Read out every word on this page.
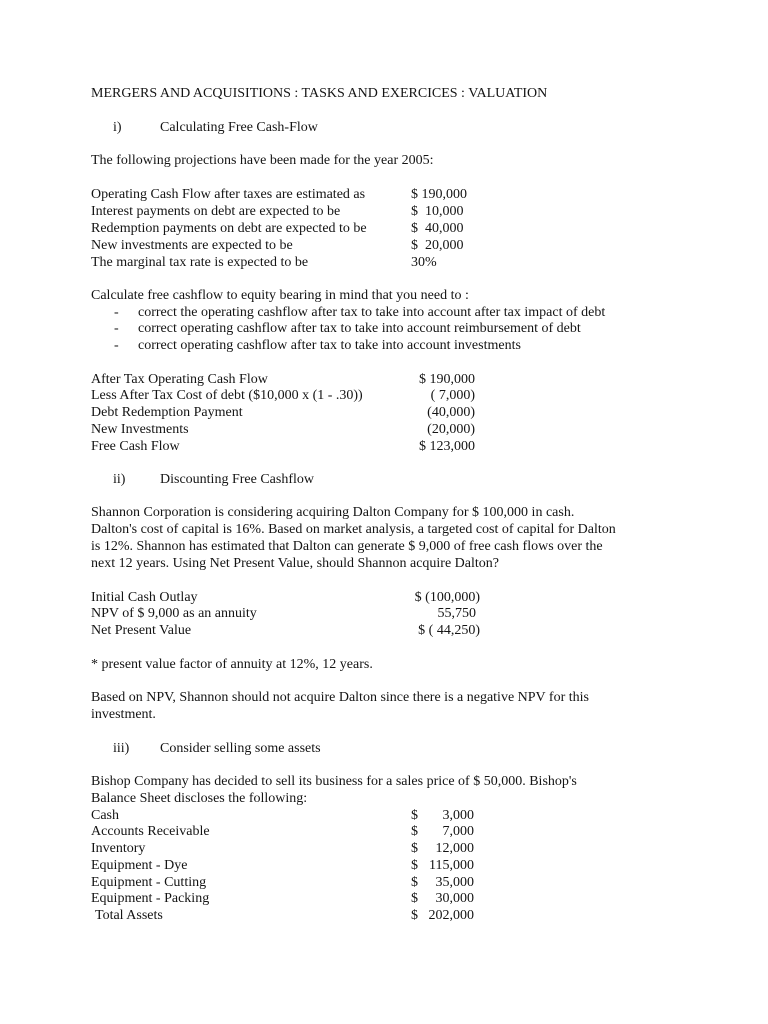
MERGERS AND ACQUISITIONS : TASKS AND EXERCICES : VALUATION
i)	Calculating Free Cash-Flow
The following projections have been made for the year 2005:
Operating Cash Flow after taxes are estimated as	$ 190,000
Interest payments on debt are expected to be	$  10,000
Redemption payments on debt are expected to be	$  40,000
New investments are expected to be	$  20,000
The marginal tax rate is expected to be	30%
Calculate free cashflow to equity bearing in mind that you need to :
- correct the operating cashflow after tax to take into account after tax impact of debt
- correct operating cashflow after tax to take into account reimbursement of debt
- correct operating cashflow after tax to take into account investments
After Tax Operating Cash Flow	$ 190,000
Less After Tax Cost of debt ($10,000 x (1 - .30))	( 7,000)
Debt Redemption Payment	(40,000)
New Investments	(20,000)
Free Cash Flow	$ 123,000
ii) Discounting Free Cashflow
Shannon Corporation is considering acquiring Dalton Company for $ 100,000 in cash.
Dalton's cost of capital is 16%. Based on market analysis, a targeted cost of capital for Dalton
is 12%. Shannon has estimated that Dalton can generate $ 9,000 of free cash flows over the
next 12 years. Using Net Present Value, should Shannon acquire Dalton?
Initial Cash Outlay	$ (100,000)
NPV of $ 9,000 as an annuity	55,750
Net Present Value	$ ( 44,250)
* present value factor of annuity at 12%, 12 years.
Based on NPV, Shannon should not acquire Dalton since there is a negative NPV for this
investment.
iii) Consider selling some assets
Bishop Company has decided to sell its business for a sales price of $ 50,000. Bishop's
Balance Sheet discloses the following:
Cash	$ 3,000
Accounts Receivable	$ 7,000
Inventory	$ 12,000
Equipment - Dye	$ 115,000
Equipment - Cutting	$ 35,000
Equipment - Packing	$ 30,000
Total Assets	$ 202,000
